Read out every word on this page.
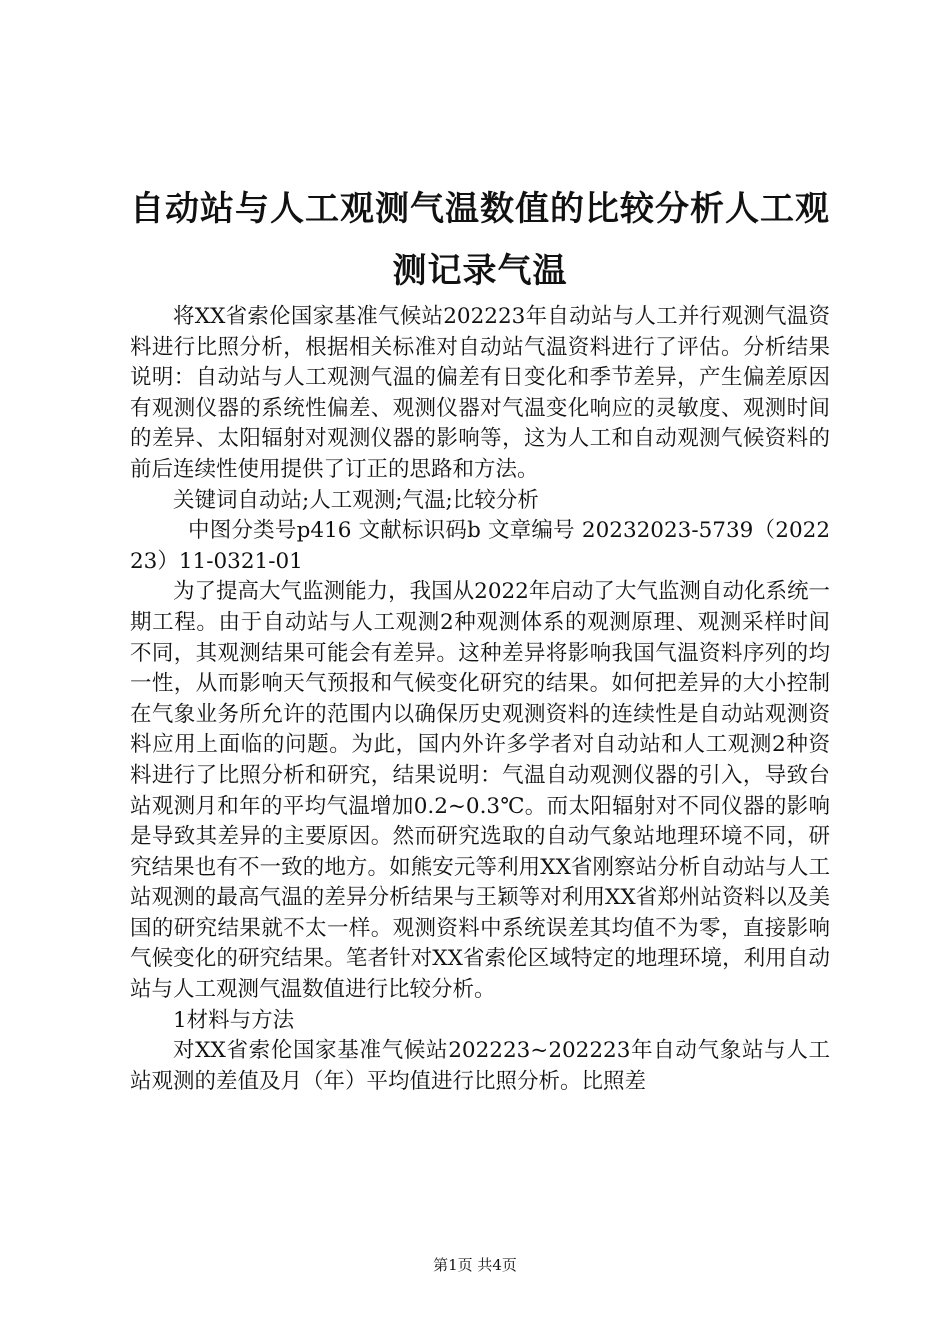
自动站与人工观测气温数值的比较分析人工观测记录气温

将XX省索伦国家基准气候站202223年自动站与人工并行观测气温资料进行比照分析，根据相关标准对自动站气温资料进行了评估。分析结果说明：自动站与人工观测气温的偏差有日变化和季节差异，产生偏差原因有观测仪器的系统性偏差、观测仪器对气温变化响应的灵敏度、观测时间的差异、太阳辐射对观测仪器的影响等，这为人工和自动观测气候资料的前后连续性使用提供了订正的思路和方法。

关键词自动站;人工观测;气温;比较分析

中图分类号p416 文献标识码b 文章编号 20232023-5739（202223）11-0321-01

为了提高大气监测能力，我国从2022年启动了大气监测自动化系统一期工程。由于自动站与人工观测2种观测体系的观测原理、观测采样时间不同，其观测结果可能会有差异。这种差异将影响我国气温资料序列的均一性，从而影响天气预报和气候变化研究的结果。如何把差异的大小控制在气象业务所允许的范围内以确保历史观测资料的连续性是自动站观测资料应用上面临的问题。为此，国内外许多学者对自动站和人工观测2种资料进行了比照分析和研究，结果说明：气温自动观测仪器的引入，导致台站观测月和年的平均气温增加0.2~0.3℃。而太阳辐射对不同仪器的影响是导致其差异的主要原因。然而研究选取的自动气象站地理环境不同，研究结果也有不一致的地方。如熊安元等利用XX省刚察站分析自动站与人工站观测的最高气温的差异分析结果与王颖等对利用XX省郑州站资料以及美国的研究结果就不太一样。观测资料中系统误差其均值不为零，直接影响气候变化的研究结果。笔者针对XX省索伦区域特定的地理环境，利用自动站与人工观测气温数值进行比较分析。

1材料与方法

对XX省索伦国家基准气候站202223~202223年自动气象站与人工站观测的差值及月（年）平均值进行比照分析。比照差

第1页 共4页
